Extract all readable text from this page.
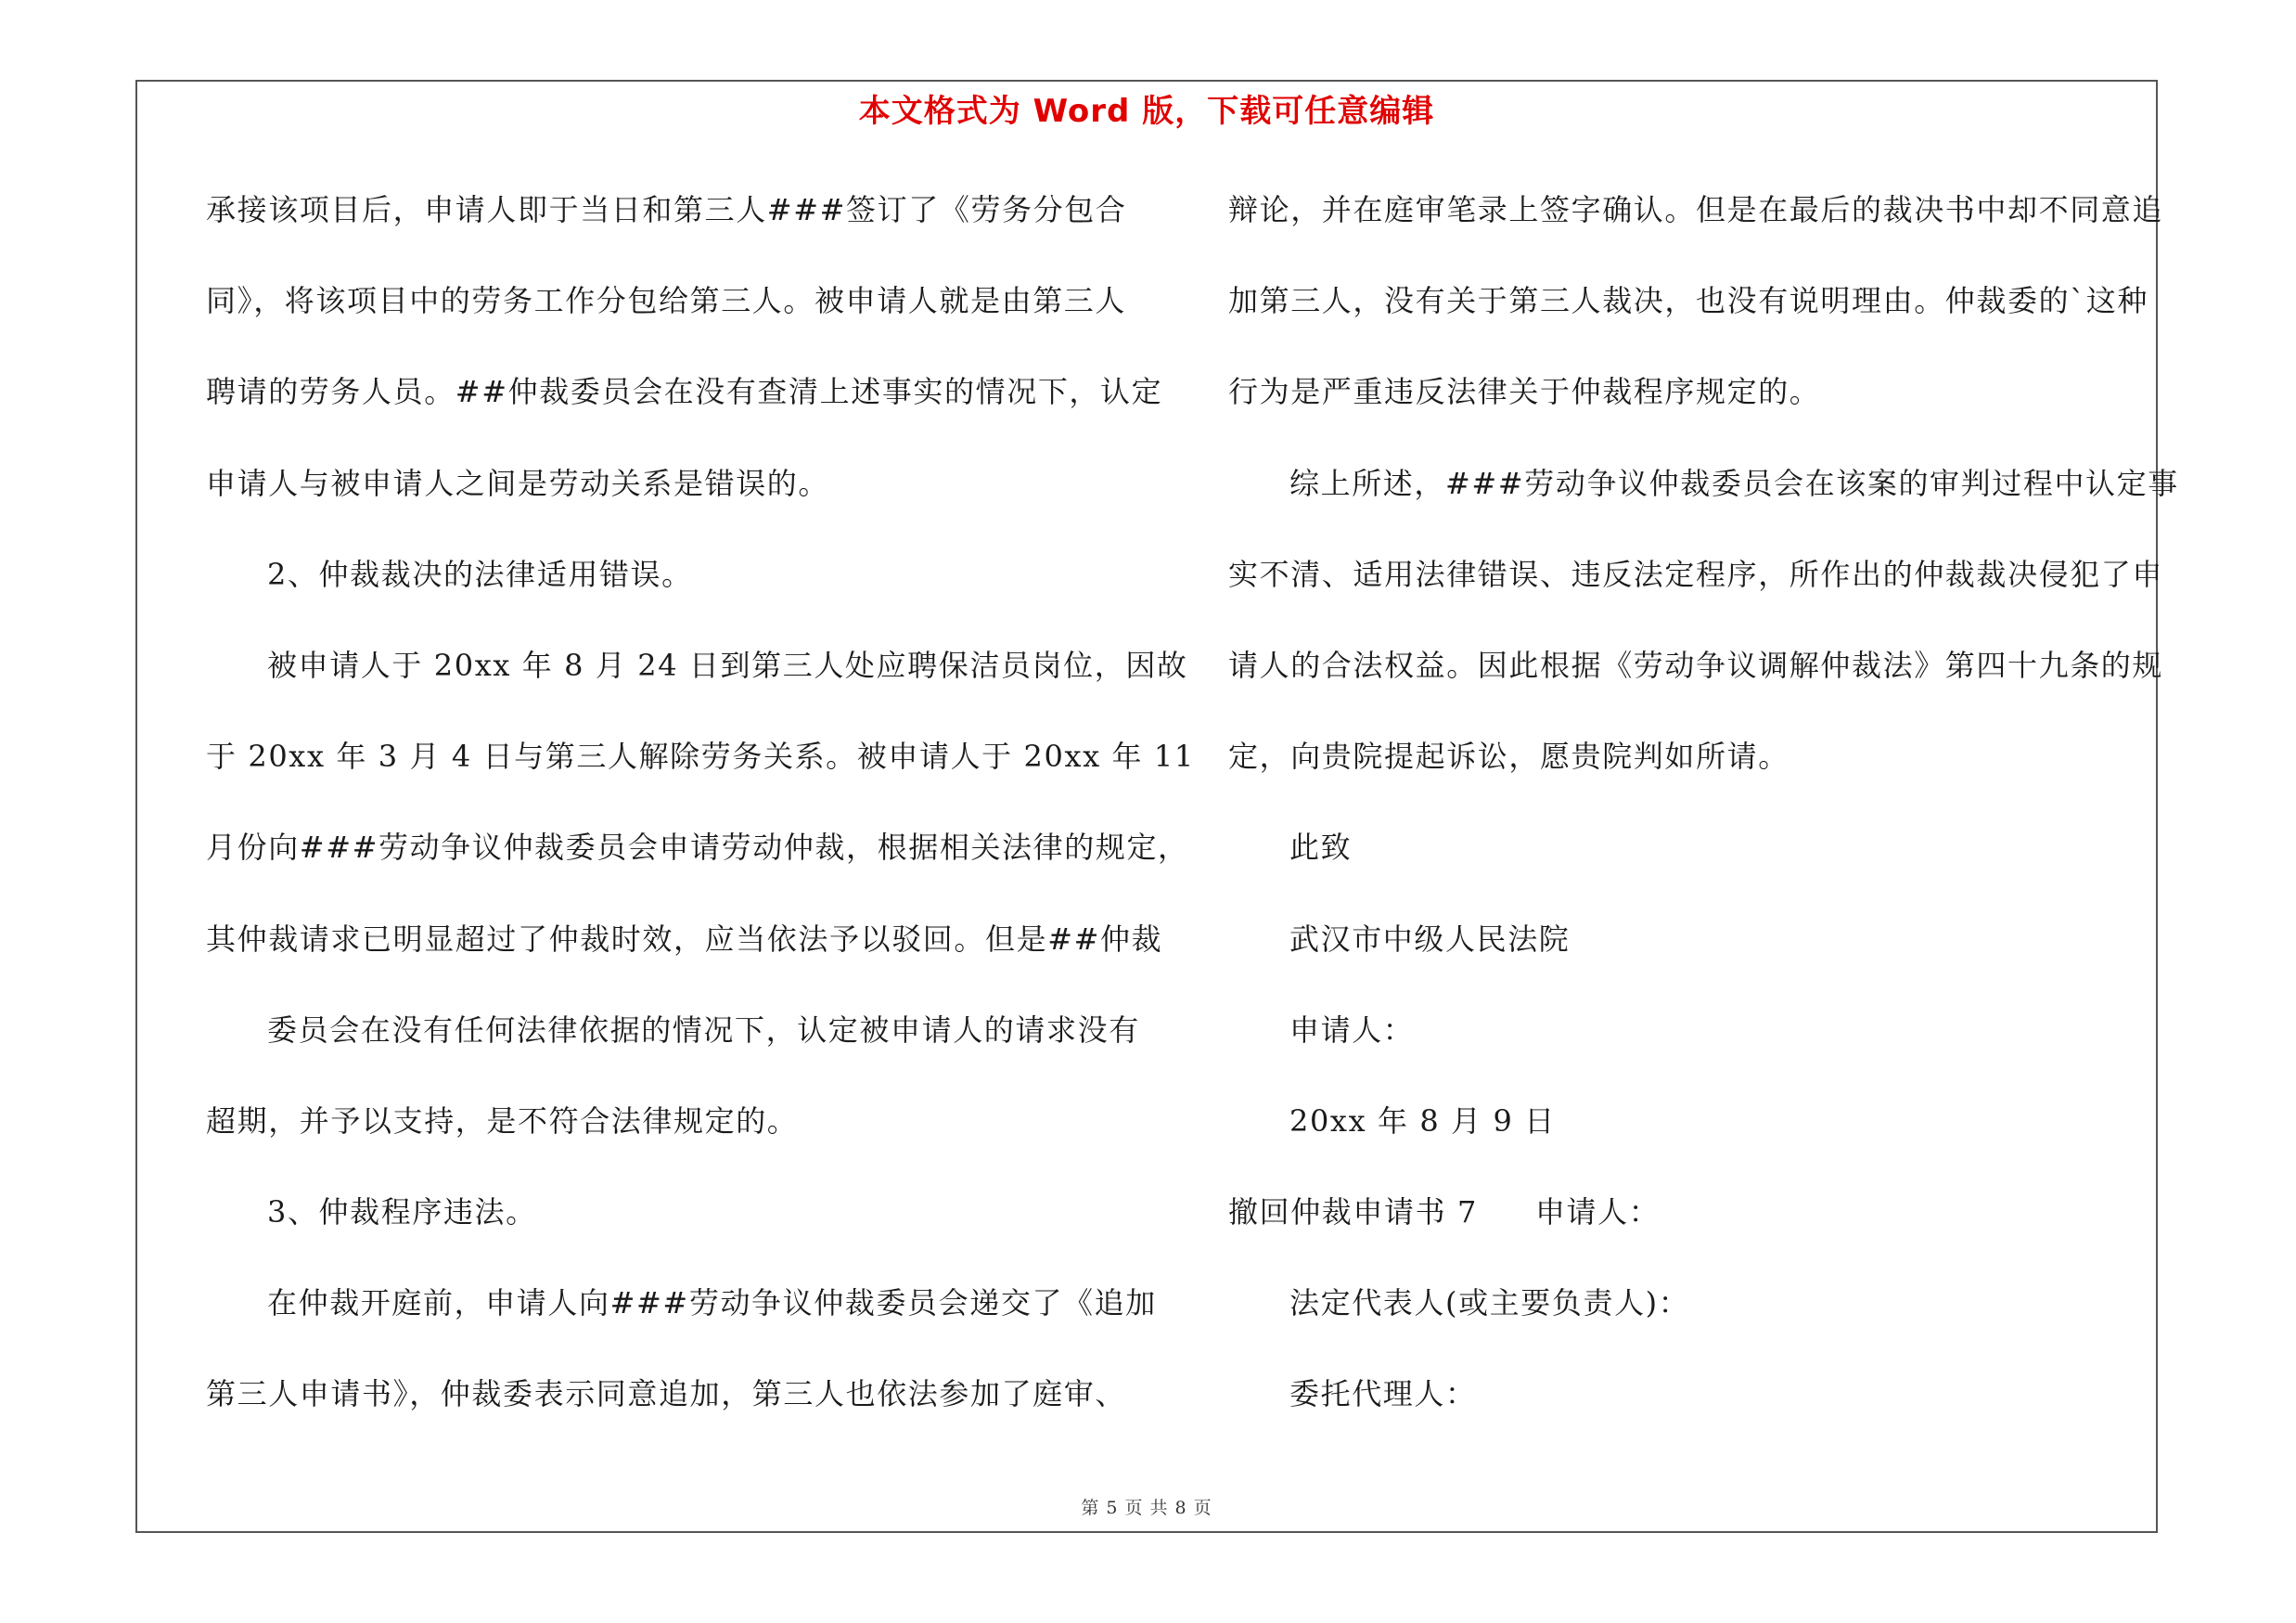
本文格式为 Word 版，下载可任意编辑
承接该项目后，申请人即于当日和第三人###签订了《劳务分包合
同》，将该项目中的劳务工作分包给第三人。被申请人就是由第三人
聘请的劳务人员。##仲裁委员会在没有查清上述事实的情况下，认定
申请人与被申请人之间是劳动关系是错误的。
2、仲裁裁决的法律适用错误。
被申请人于 20xx 年 8 月 24 日到第三人处应聘保洁员岗位，因故
于 20xx 年 3 月 4 日与第三人解除劳务关系。被申请人于 20xx 年 11
月份向###劳动争议仲裁委员会申请劳动仲裁，根据相关法律的规定，
其仲裁请求已明显超过了仲裁时效，应当依法予以驳回。但是##仲裁
委员会在没有任何法律依据的情况下，认定被申请人的请求没有
超期，并予以支持，是不符合法律规定的。
3、仲裁程序违法。
在仲裁开庭前，申请人向###劳动争议仲裁委员会递交了《追加
第三人申请书》，仲裁委表示同意追加，第三人也依法参加了庭审、
辩论，并在庭审笔录上签字确认。但是在最后的裁决书中却不同意追
加第三人，没有关于第三人裁决，也没有说明理由。仲裁委的`这种
行为是严重违反法律关于仲裁程序规定的。
综上所述，###劳动争议仲裁委员会在该案的审判过程中认定事
实不清、适用法律错误、违反法定程序，所作出的仲裁裁决侵犯了申
请人的合法权益。因此根据《劳动争议调解仲裁法》第四十九条的规
定，向贵院提起诉讼，愿贵院判如所请。
此致
武汉市中级人民法院
申请人：
20xx 年 8 月 9 日
撤回仲裁申请书 7 申请人：
法定代表人(或主要负责人)：
委托代理人：
第 5 页 共 8 页
